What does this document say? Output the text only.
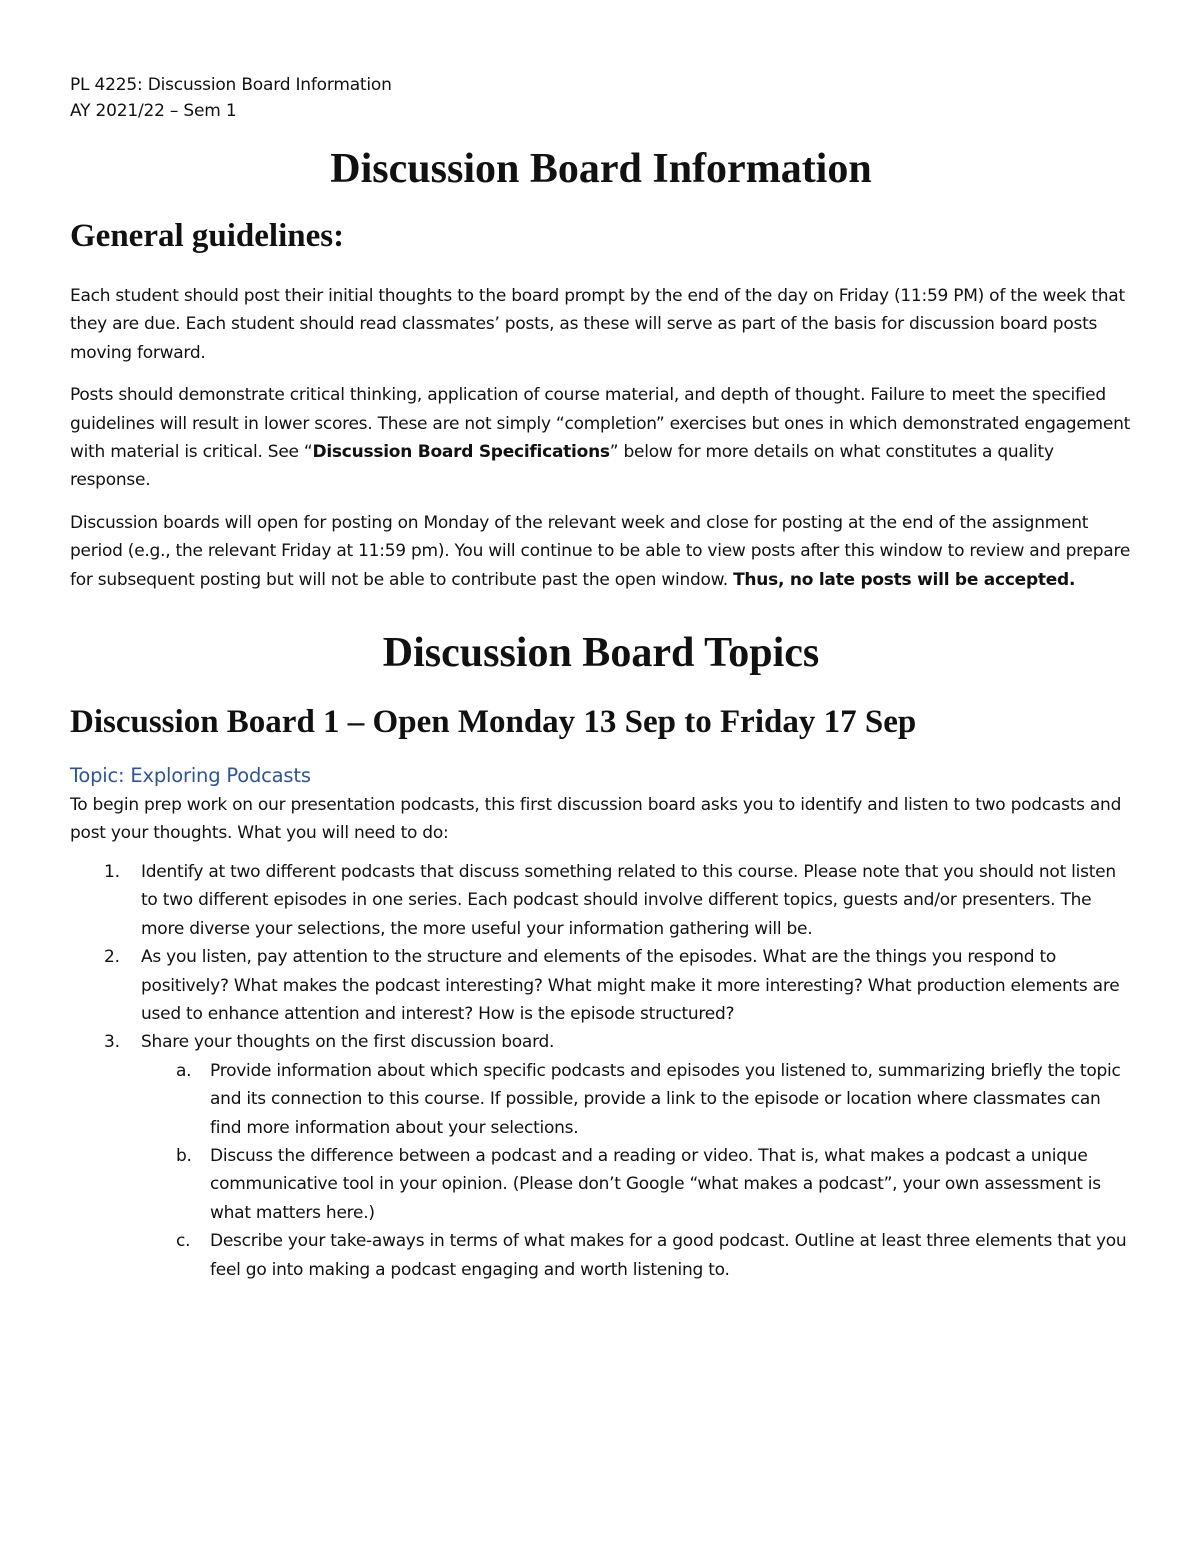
PL 4225: Discussion Board Information
AY 2021/22 – Sem 1
Discussion Board Information
General guidelines:

Each student should post their initial thoughts to the board prompt by the end of the day on Friday (11:59 PM) of the week that they are due. Each student should read classmates’ posts, as these will serve as part of the basis for discussion board posts moving forward.

Posts should demonstrate critical thinking, application of course material, and depth of thought. Failure to meet the specified guidelines will result in lower scores. These are not simply “completion” exercises but ones in which demonstrated engagement with material is critical. See “Discussion Board Specifications” below for more details on what constitutes a quality response.

Discussion boards will open for posting on Monday of the relevant week and close for posting at the end of the assignment period (e.g., the relevant Friday at 11:59 pm). You will continue to be able to view posts after this window to review and prepare for subsequent posting but will not be able to contribute past the open window. Thus, no late posts will be accepted.

Discussion Board Topics
Discussion Board 1 – Open Monday 13 Sep to Friday 17 Sep
Topic: Exploring Podcasts

To begin prep work on our presentation podcasts, this first discussion board asks you to identify and listen to two podcasts and post your thoughts. What you will need to do:

1. Identify at two different podcasts that discuss something related to this course. Please note that you should not listen to two different episodes in one series. Each podcast should involve different topics, guests and/or presenters. The more diverse your selections, the more useful your information gathering will be.
2. As you listen, pay attention to the structure and elements of the episodes. What are the things you respond to positively? What makes the podcast interesting? What might make it more interesting? What production elements are used to enhance attention and interest? How is the episode structured?
3. Share your thoughts on the first discussion board.
a. Provide information about which specific podcasts and episodes you listened to, summarizing briefly the topic and its connection to this course. If possible, provide a link to the episode or location where classmates can find more information about your selections.
b. Discuss the difference between a podcast and a reading or video. That is, what makes a podcast a unique communicative tool in your opinion. (Please don’t Google “what makes a podcast”, your own assessment is what matters here.)
c. Describe your take-aways in terms of what makes for a good podcast. Outline at least three elements that you feel go into making a podcast engaging and worth listening to.
